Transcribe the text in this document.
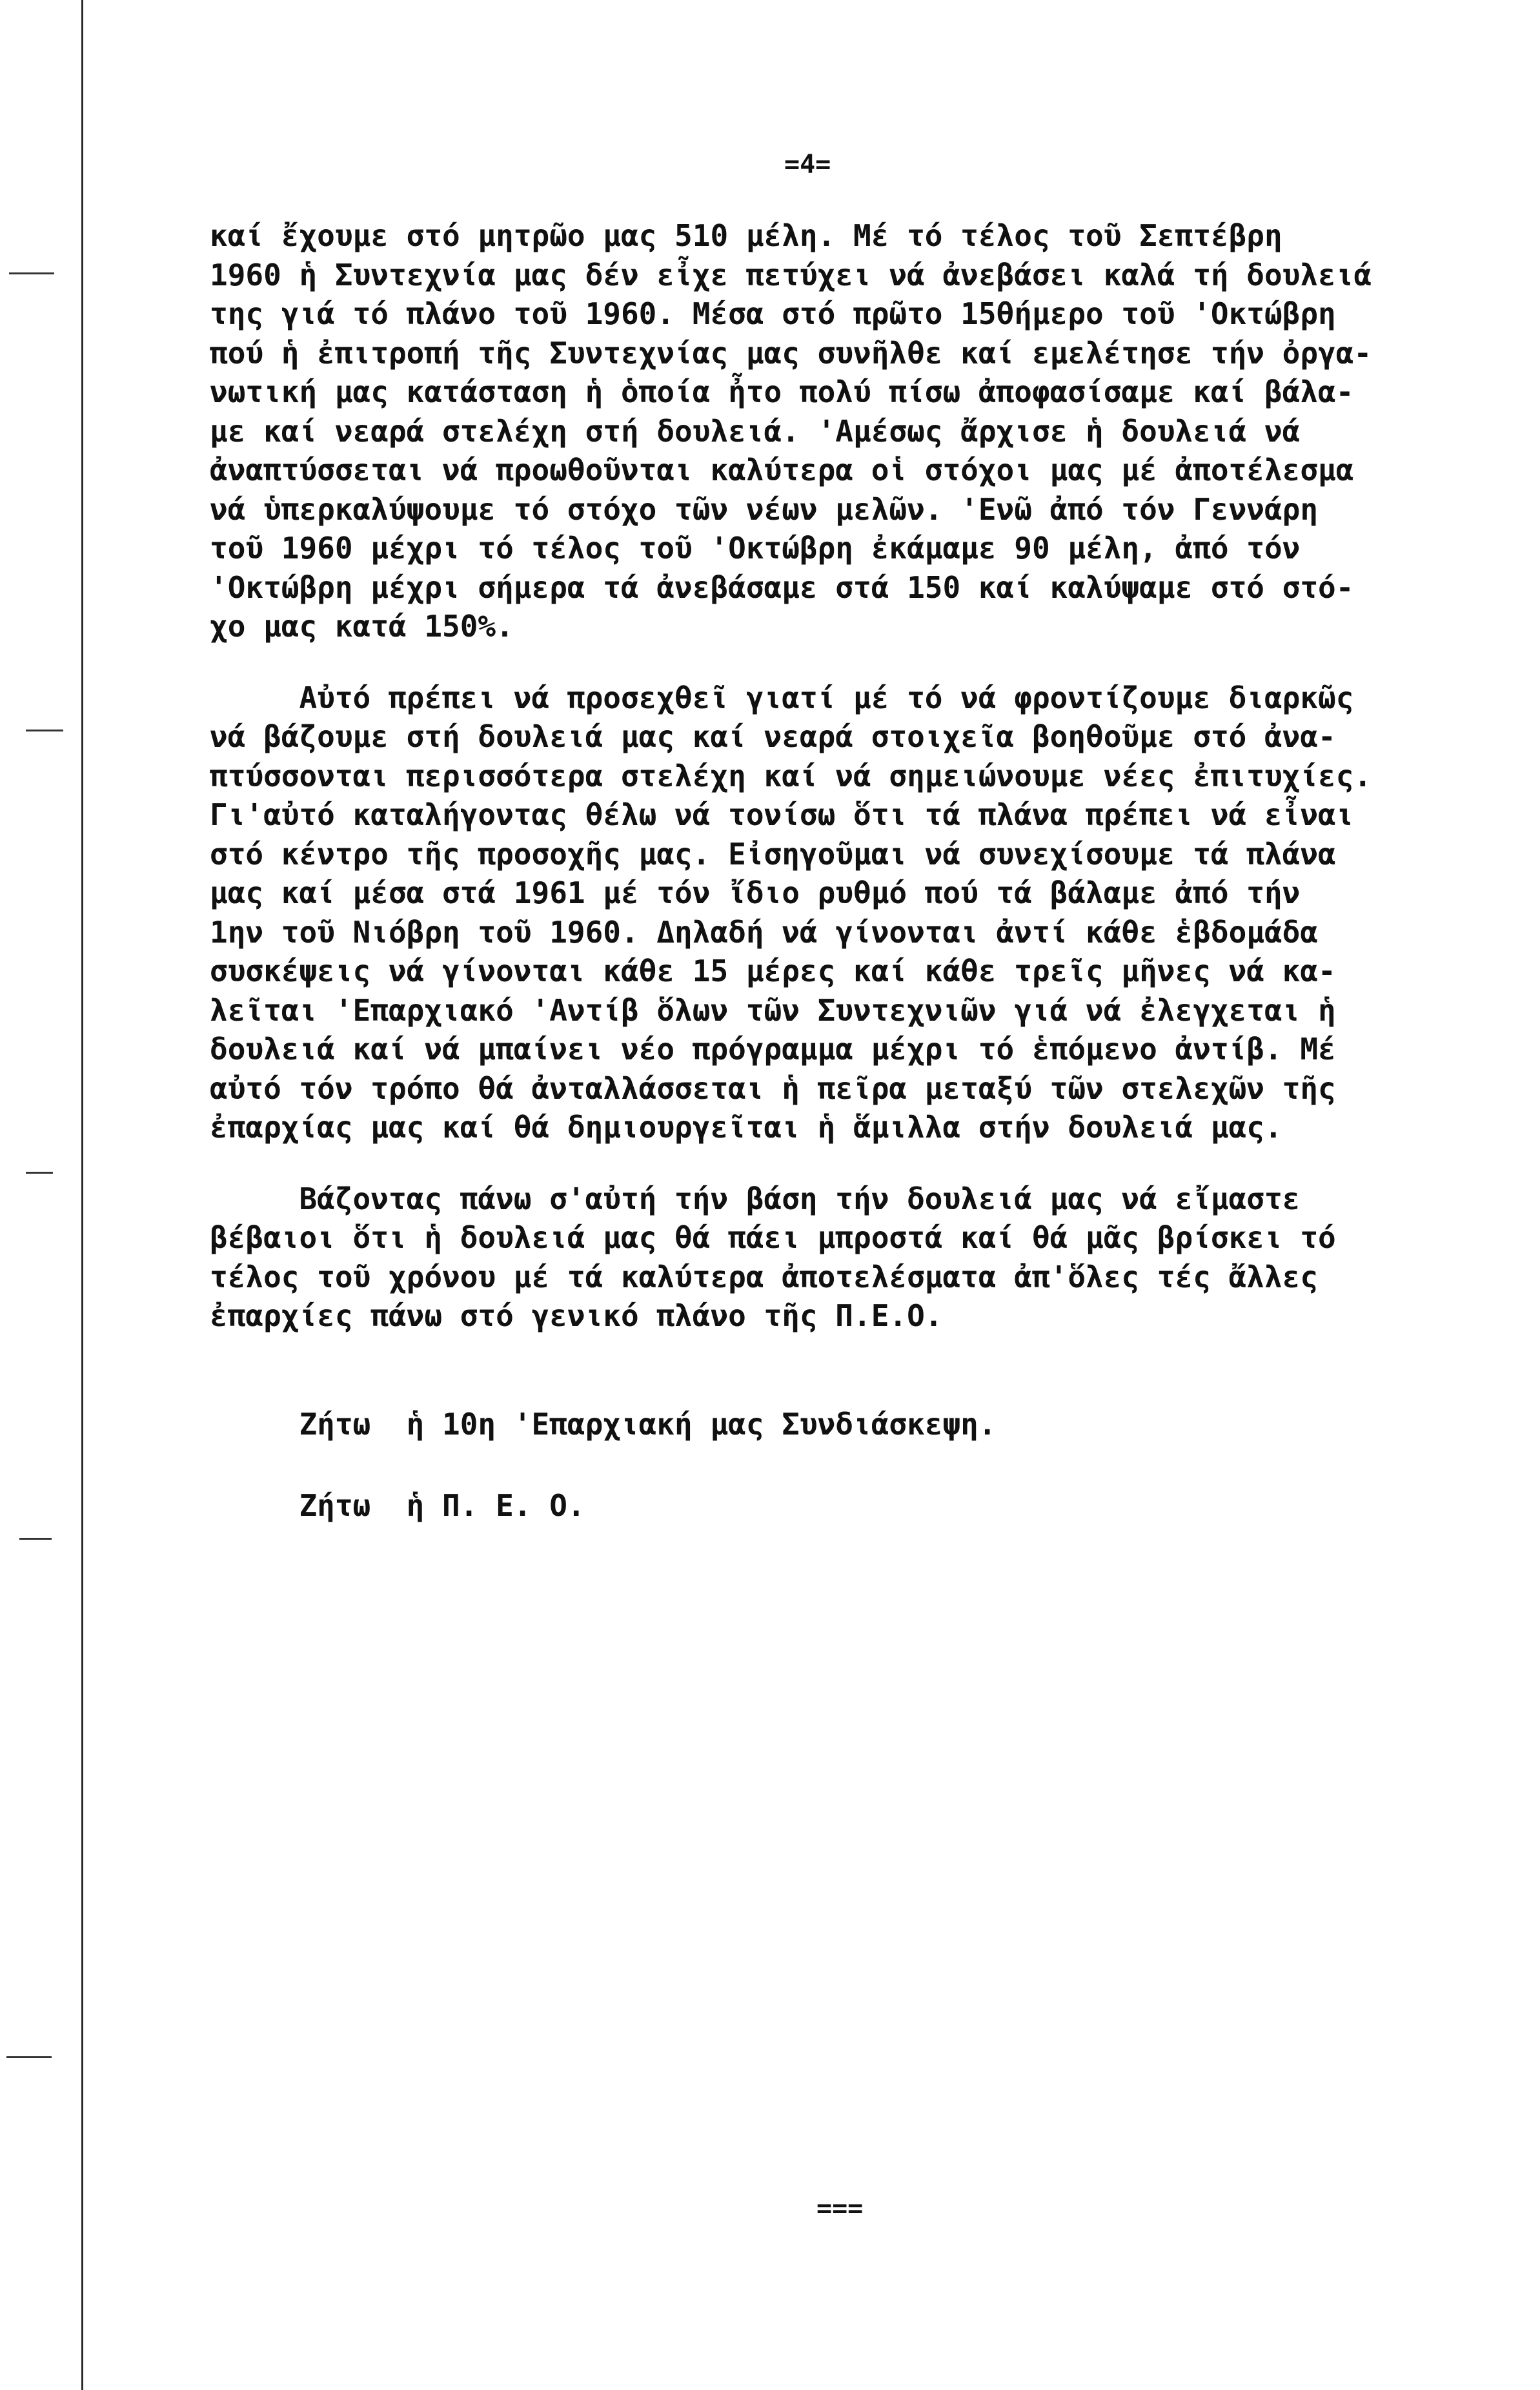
=4=
καί ἔχουμε στό μητρῶο μας 510 μέλη. Μέ τό τέλος τοῦ Σεπτέβρη
1960 ἡ Συντεχνία μας δέν εἶχε πετύχει νά ἀνεβάσει καλά τή δουλειά
της γιά τό πλάνο τοῦ 1960. Μέσα στό πρῶτο 15θήμερο τοῦ 'Οκτώβρη
πού ἡ ἐπιτροπή τῆς Συντεχνίας μας συνῆλθε καί εμελέτησε τήν ὀργα-
νωτική μας κατάσταση ἡ ὁποία ἦτο πολύ πίσω ἀποφασίσαμε καί βάλα-
με καί νεαρά στελέχη στή δουλειά. 'Αμέσως ἄρχισε ἡ δουλειά νά
ἀναπτύσσεται νά προωθοῦνται καλύτερα οἱ στόχοι μας μέ ἀποτέλεσμα
νά ὑπερκαλύψουμε τό στόχο τῶν νέων μελῶν. 'Ενῶ ἀπό τόν Γεννάρη
τοῦ 1960 μέχρι τό τέλος τοῦ 'Οκτώβρη ἐκάμαμε 90 μέλη, ἀπό τόν
'Οκτώβρη μέχρι σήμερα τά ἀνεβάσαμε στά 150 καί καλύψαμε στό στό-
χο μας κατά 150%.
Αὐτό πρέπει νά προσεχθεῖ γιατί μέ τό νά φροντίζουμε διαρκῶς
νά βάζουμε στή δουλειά μας καί νεαρά στοιχεῖα βοηθοῦμε στό ἀνα-
πτύσσονται περισσότερα στελέχη καί νά σημειώνουμε νέες ἐπιτυχίες.
Γι'αὐτό καταλήγοντας θέλω νά τονίσω ὅτι τά πλάνα πρέπει νά εἶναι
στό κέντρο τῆς προσοχῆς μας. Εἰσηγοῦμαι νά συνεχίσουμε τά πλάνα
μας καί μέσα στά 1961 μέ τόν ἴδιο ρυθμό πού τά βάλαμε ἀπό τήν
1ην τοῦ Νιόβρη τοῦ 1960. Δηλαδή νά γίνονται ἀντί κάθε ἑβδομάδα
συσκέψεις νά γίνονται κάθε 15 μέρες καί κάθε τρεῖς μῆνες νά κα-
λεῖται 'Επαρχιακό 'Αντίβ ὅλων τῶν Συντεχνιῶν γιά νά ἐλεγχεται ἡ
δουλειά καί νά μπαίνει νέο πρόγραμμα μέχρι τό ἑπόμενο ἀντίβ. Μέ
αὐτό τόν τρόπο θά ἀνταλλάσσεται ἡ πεῖρα μεταξύ τῶν στελεχῶν τῆς
ἐπαρχίας μας καί θά δημιουργεῖται ἡ ἅμιλλα στήν δουλειά μας.
Βάζοντας πάνω σ'αὐτή τήν βάση τήν δουλειά μας νά εἴμαστε
βέβαιοι ὅτι ἡ δουλειά μας θά πάει μπροστά καί θά μᾶς βρίσκει τό
τέλος τοῦ χρόνου μέ τά καλύτερα ἀποτελέσματα ἀπ'ὅλες τές ἄλλες
ἐπαρχίες πάνω στό γενικό πλάνο τῆς Π.Ε.Ο.
Ζήτω  ἡ 10η 'Επαρχιακή μας Συνδιάσκεψη.
Ζήτω  ἡ Π. Ε. Ο.
===
